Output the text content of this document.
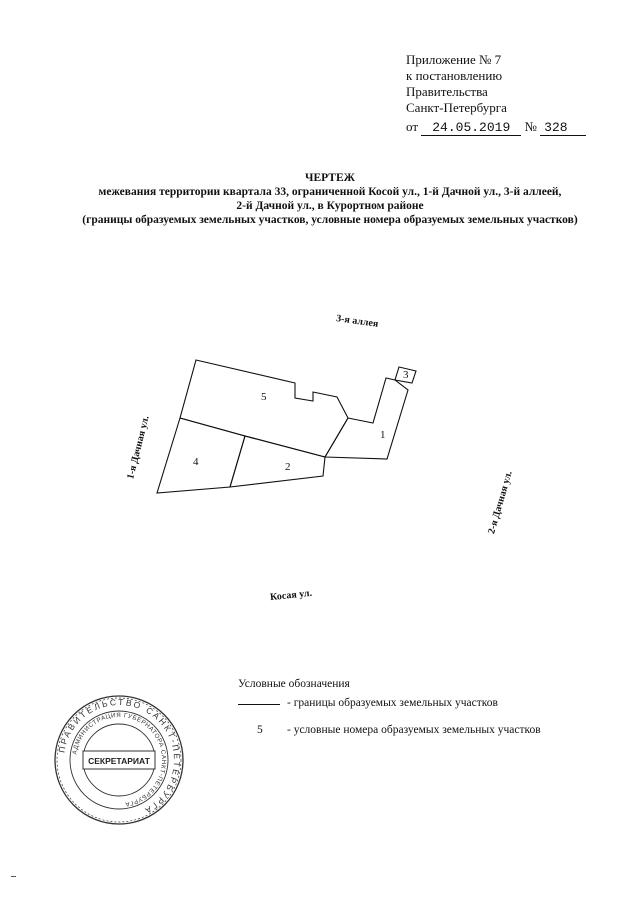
Приложение № 7
к постановлению
Правительства
Санкт-Петербурга
от 24.05.2019 № 328
ЧЕРТЕЖ
межевания территории квартала 33, ограниченной Косой ул., 1-й Дачной ул., 3-й аллеей,
2-й Дачной ул., в Курортном районе
(границы образуемых земельных участков, условные номера образуемых земельных участков)
3-я аллея
1-я Дачная ул.
2-я Дачная ул.
Косая ул.
5
4	2
1
3
Условные обозначения
- границы образуемых земельных участков
5 - условные номера образуемых земельных участков
ПРАВИТЕЛЬСТВО САНКТ-ПЕТЕРБУРГА
АДМИНИСТРАЦИЯ ГУБЕРНАТОРА САНКТ-ПЕТЕРБУРГА
СЕКРЕТАРИАТ
